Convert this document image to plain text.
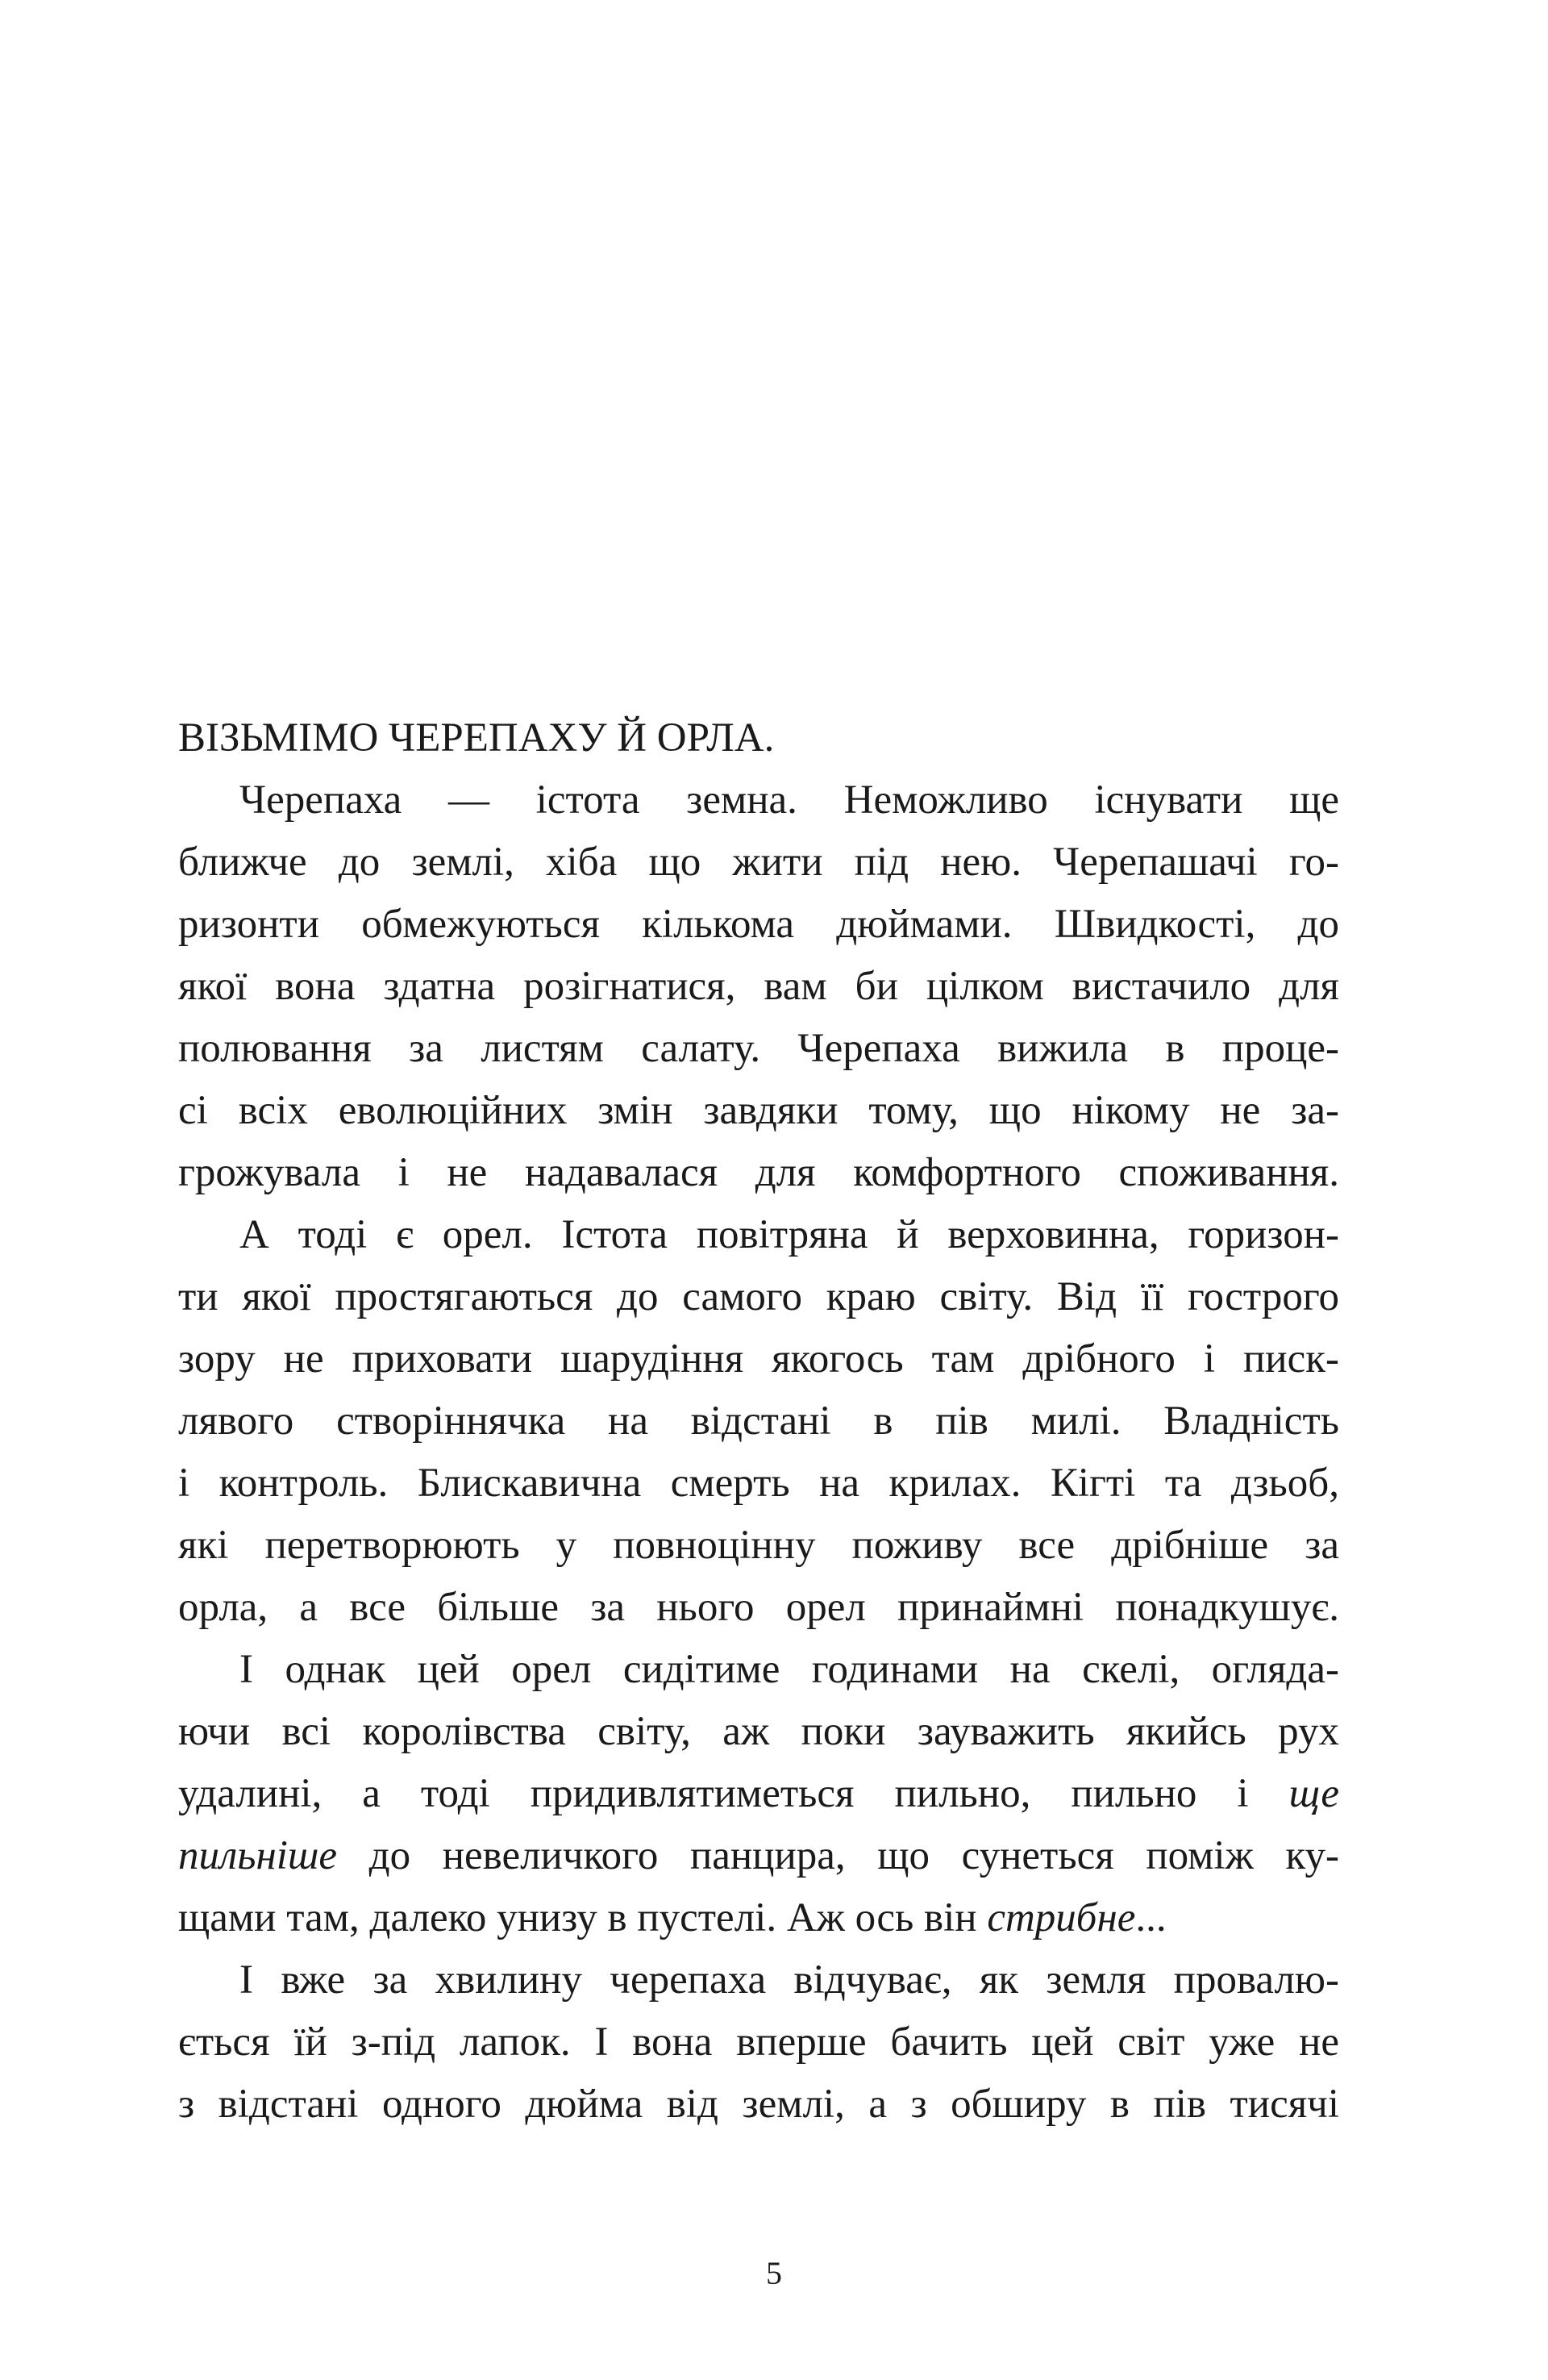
ВІЗЬМІМО ЧЕРЕПАХУ Й ОРЛА.
Черепаха — істота земна. Неможливо існувати ще
ближче до землі, хіба що жити під нею. Черепашачі го-
ризонти обмежуються кількома дюймами. Швидкості, до
якої вона здатна розігнатися, вам би цілком вистачило для
полювання за листям салату. Черепаха вижила в проце-
сі всіх еволюційних змін завдяки тому, що нікому не за-
грожувала і не надавалася для комфортного споживання.
А тоді є орел. Істота повітряна й верховинна, горизон-
ти якої простягаються до самого краю світу. Від її гострого
зору не приховати шарудіння якогось там дрібного і писк-
лявого створіннячка на відстані в пів милі. Владність
і контроль. Блискавична смерть на крилах. Кігті та дзьоб,
які перетворюють у повноцінну поживу все дрібніше за
орла, а все більше за нього орел принаймні понадкушує.
І однак цей орел сидітиме годинами на скелі, огляда-
ючи всі королівства світу, аж поки зауважить якийсь рух
удалині, а тоді придивлятиметься пильно, пильно і ще
пильніше до невеличкого панцира, що сунеться поміж ку-
щами там, далеко унизу в пустелі. Аж ось він стрибне...
І вже за хвилину черепаха відчуває, як земля провалю-
ється їй з-під лапок. І вона вперше бачить цей світ уже не
з відстані одного дюйма від землі, а з обширу в пів тисячі
5
